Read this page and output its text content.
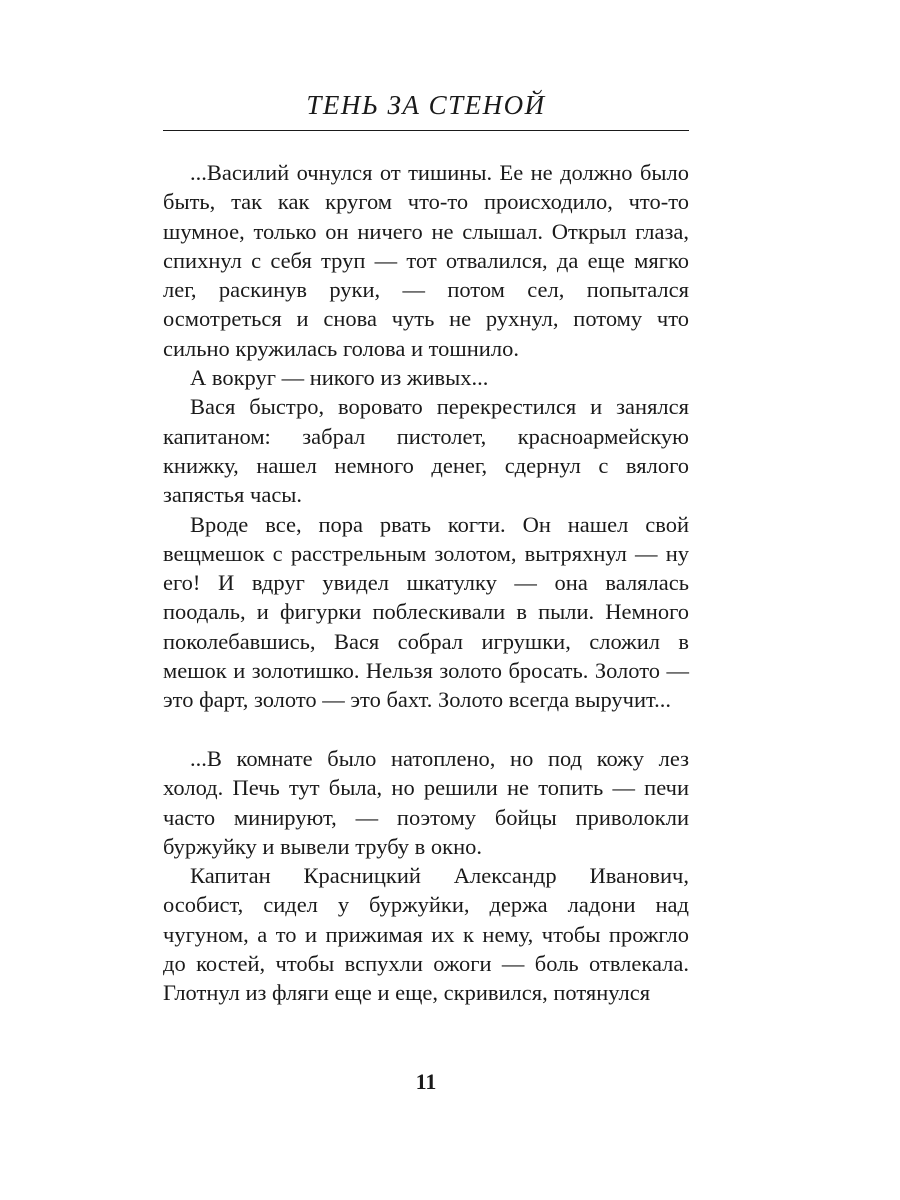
ТЕНЬ ЗА СТЕНОЙ

...Василий очнулся от тишины. Ее не должно было быть, так как кругом что-то происходило, что-то шумное, только он ничего не слышал. Открыл глаза, спихнул с себя труп — тот отвалился, да еще мягко лег, раскинув руки, — потом сел, попытался осмотреться и снова чуть не рухнул, потому что сильно кружилась голова и тошнило.

А вокруг — никого из живых...

Вася быстро, воровато перекрестился и занялся капитаном: забрал пистолет, красноармейскую книжку, нашел немного денег, сдернул с вялого запястья часы.

Вроде все, пора рвать когти. Он нашел свой вещмешок с расстрельным золотом, вытряхнул — ну его! И вдруг увидел шкатулку — она валялась поодаль, и фигурки поблескивали в пыли. Немного поколебавшись, Вася собрал игрушки, сложил в мешок и золотишко. Нельзя золото бросать. Золото — это фарт, золото — это бахт. Золото всегда выручит...

...В комнате было натоплено, но под кожу лез холод. Печь тут была, но решили не топить — печи часто минируют, — поэтому бойцы приволокли буржуйку и вывели трубу в окно.

Капитан Красницкий Александр Иванович, особист, сидел у буржуйки, держа ладони над чугуном, а то и прижимая их к нему, чтобы прожгло до костей, чтобы вспухли ожоги — боль отвлекала. Глотнул из фляги еще и еще, скривился, потянулся

11
